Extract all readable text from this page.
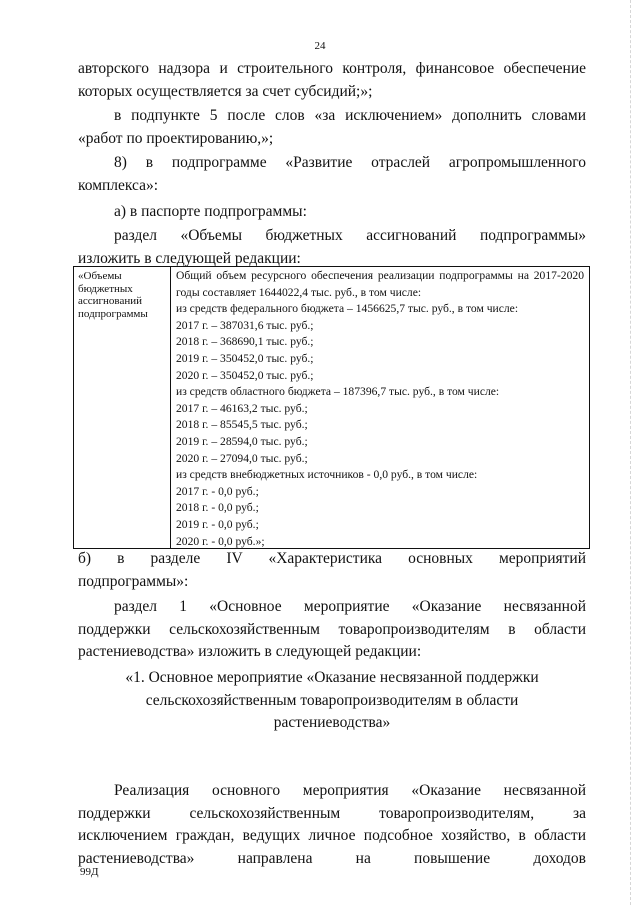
24
авторского надзора и строительного контроля, финансовое обеспечение
которых осуществляется за счет субсидий;»;
в подпункте 5 после слов «за исключением» дополнить словами
«работ по проектированию,»;
8) в подпрограмме «Развитие отраслей агропромышленного
комплекса»:
а) в паспорте подпрограммы:
раздел «Объемы бюджетных ассигнований подпрограммы»
изложить в следующей редакции:
«Объемы бюджетных ассигнований подпрограммы
Общий объем ресурсного обеспечения реализации подпрограммы на 2017-2020 годы составляет 1644022,4 тыс. руб., в том числе:
из средств федерального бюджета – 1456625,7 тыс. руб., в том числе:
2017 г. – 387031,6 тыс. руб.;
2018 г. – 368690,1 тыс. руб.;
2019 г. – 350452,0 тыс. руб.;
2020 г. – 350452,0 тыс. руб.;
из средств областного бюджета – 187396,7 тыс. руб., в том числе:
2017 г. – 46163,2 тыс. руб.;
2018 г. – 85545,5 тыс. руб.;
2019 г. – 28594,0 тыс. руб.;
2020 г. – 27094,0 тыс. руб.;
из средств внебюджетных источников - 0,0 руб., в том числе:
2017 г. - 0,0 руб.;
2018 г. - 0,0 руб.;
2019 г. - 0,0 руб.;
2020 г. - 0,0 руб.»;
б) в разделе IV «Характеристика основных мероприятий
подпрограммы»:
раздел 1 «Основное мероприятие «Оказание несвязанной
поддержки сельскохозяйственным товаропроизводителям в области
растениеводства» изложить в следующей редакции:
«1. Основное мероприятие «Оказание несвязанной поддержки
сельскохозяйственным товаропроизводителям в области
растениеводства»
Реализация основного мероприятия «Оказание несвязанной
поддержки сельскохозяйственным товаропроизводителям, за
исключением граждан, ведущих личное подсобное хозяйство, в области
растениеводства» направлена на повышение доходов
99Д
